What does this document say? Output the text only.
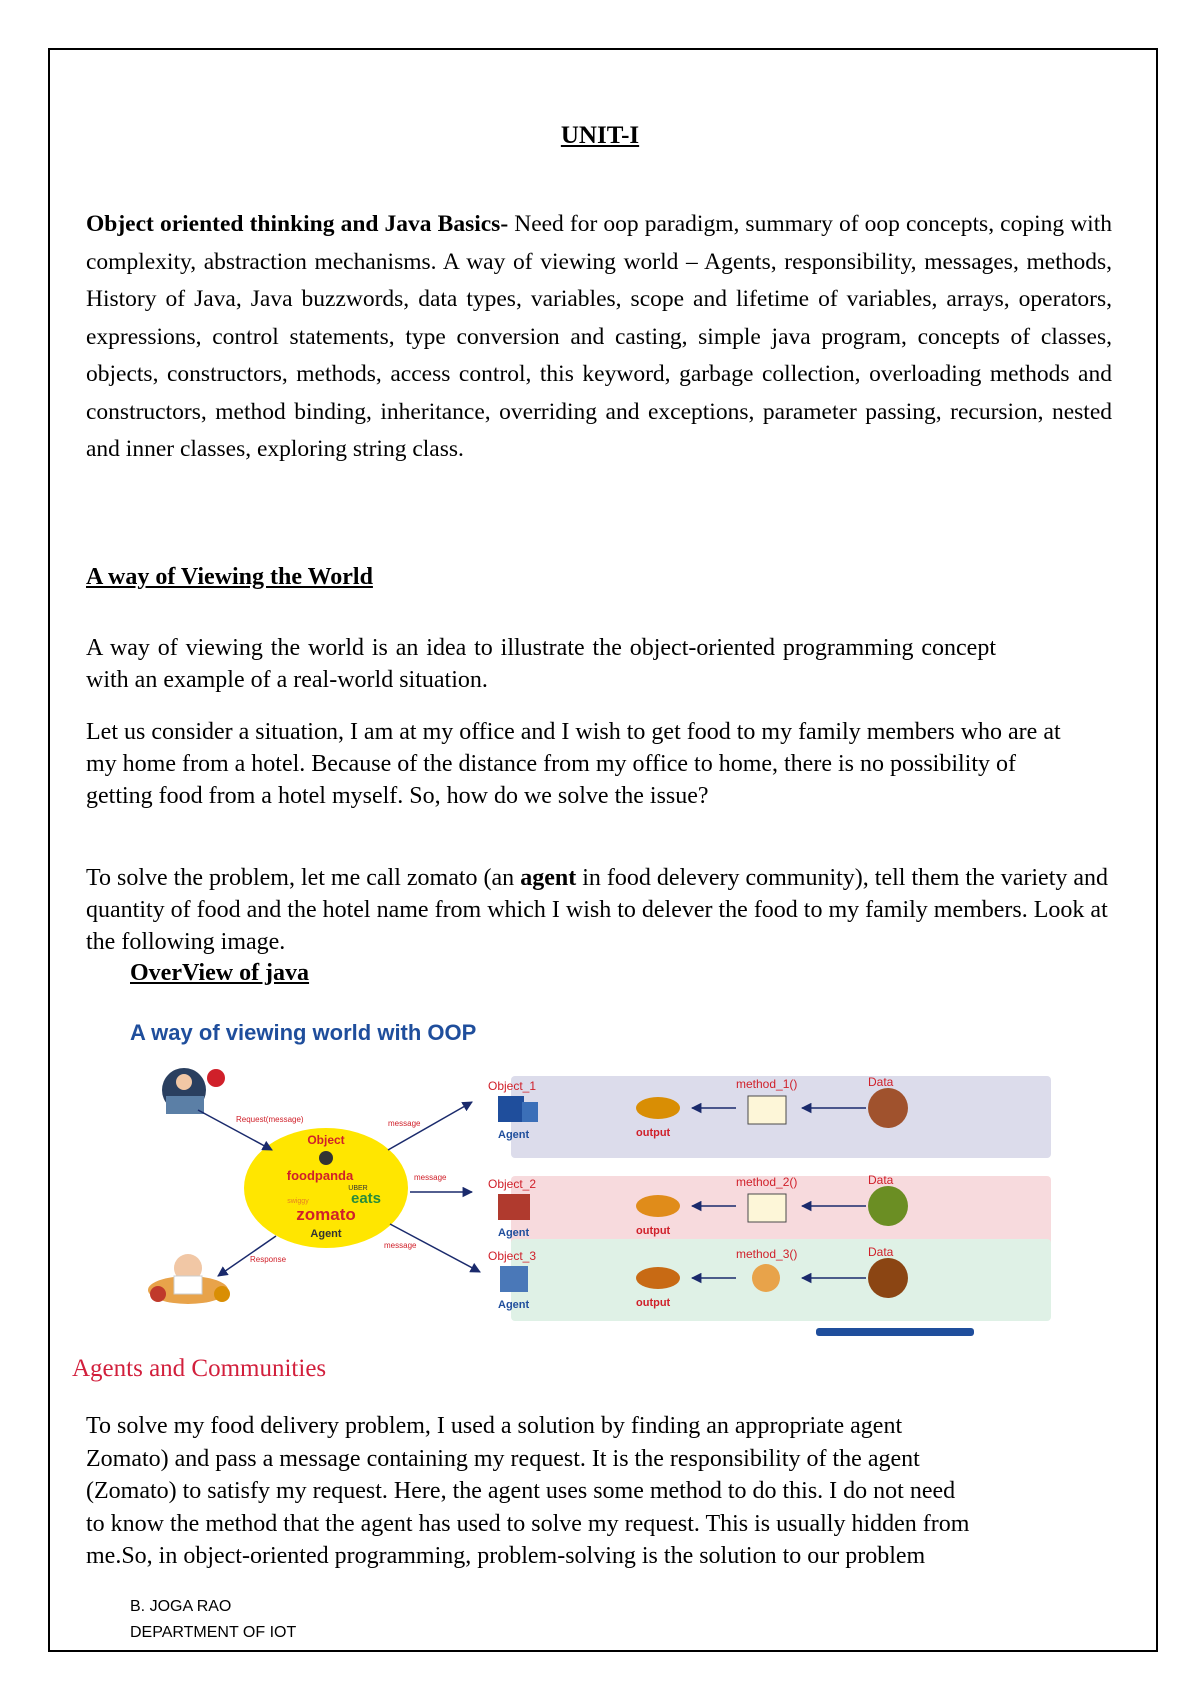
UNIT-I
Object oriented thinking and Java Basics- Need for oop paradigm, summary of oop concepts, coping with complexity, abstraction mechanisms. A way of viewing world – Agents, responsibility, messages, methods, History of Java, Java buzzwords, data types, variables, scope and lifetime of variables, arrays, operators, expressions, control statements, type conversion and casting, simple java program, concepts of classes, objects, constructors, methods, access control, this keyword, garbage collection, overloading methods and constructors, method binding, inheritance, overriding and exceptions, parameter passing, recursion, nested and inner classes, exploring string class.
A way of Viewing the World
A way of viewing the world is an idea to illustrate the object-oriented programming concept with an example of a real-world situation.
Let us consider a situation, I am at my office and I wish to get food to my family members who are at my home from a hotel. Because of the distance from my office to home, there is no possibility of getting food from a hotel myself. So, how do we solve the issue?
To solve the problem, let me call zomato (an agent in food delevery community), tell them the variety and quantity of food and the hotel name from which I wish to delever the food to my family members. Look at the following image.
OverView of java
A way of viewing world with OOP
Object
foodpanda
UBER
eats
swiggy
zomato
Agent
Request(message)
Response
message
message
message
Object_1
Agent	output
method_1()	Data
Object_2
Agent	output
method_2()	Data
Object_3
Agent	output
method_3()	Data
Agents and Communities
To solve my food delivery problem, I used a solution by finding an appropriate agent
Zomato) and pass a message containing my request. It is the responsibility of the agent
(Zomato) to satisfy my request. Here, the agent uses some method to do this. I do not need
to know the method that the agent has used to solve my request. This is usually hidden from
me.So, in object-oriented programming, problem-solving is the solution to our problem
B. JOGA RAO
DEPARTMENT OF IOT
